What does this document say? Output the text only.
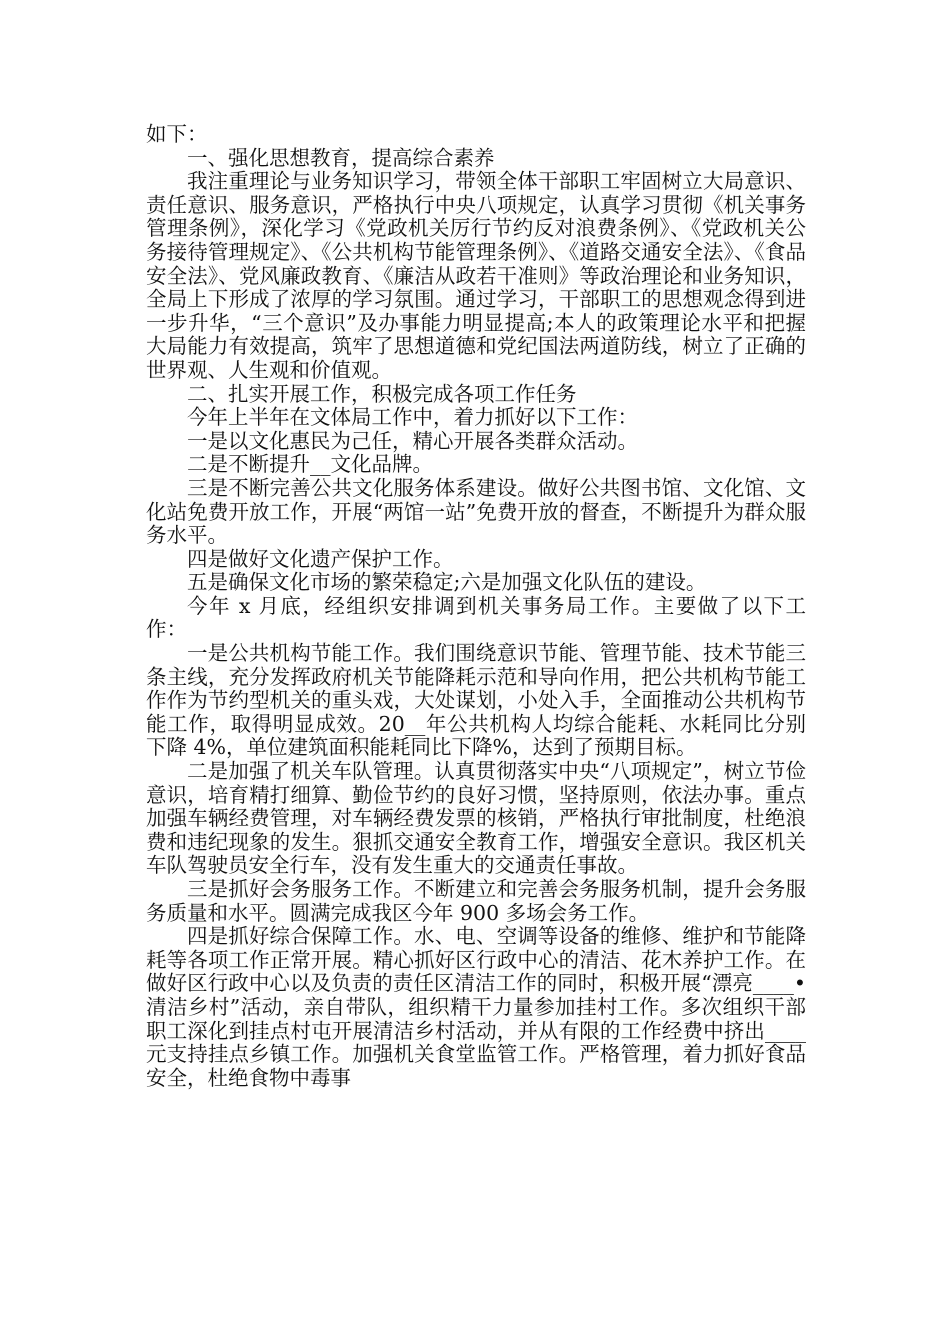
如下：

一、强化思想教育，提高综合素养

我注重理论与业务知识学习，带领全体干部职工牢固树立大局意识、责任意识、服务意识，严格执行中央八项规定，认真学习贯彻《机关事务管理条例》，深化学习《党政机关厉行节约反对浪费条例》、《党政机关公务接待管理规定》、《公共机构节能管理条例》、《道路交通安全法》、《食品安全法》、党风廉政教育、《廉洁从政若干准则》等政治理论和业务知识，全局上下形成了浓厚的学习氛围。通过学习，干部职工的思想观念得到进一步升华，“三个意识”及办事能力明显提高;本人的政策理论水平和把握大局能力有效提高，筑牢了思想道德和党纪国法两道防线，树立了正确的世界观、人生观和价值观。

二、扎实开展工作，积极完成各项工作任务

今年上半年在文体局工作中，着力抓好以下工作：

一是以文化惠民为己任，精心开展各类群众活动。

二是不断提升__文化品牌。

三是不断完善公共文化服务体系建设。做好公共图书馆、文化馆、文化站免费开放工作，开展“两馆一站”免费开放的督查，不断提升为群众服务水平。

四是做好文化遗产保护工作。

五是确保文化市场的繁荣稳定;六是加强文化队伍的建设。

今年 x 月底，经组织安排调到机关事务局工作。主要做了以下工作：

一是公共机构节能工作。我们围绕意识节能、管理节能、技术节能三条主线，充分发挥政府机关节能降耗示范和导向作用，把公共机构节能工作作为节约型机关的重头戏，大处谋划，小处入手，全面推动公共机构节能工作，取得明显成效。20__年公共机构人均综合能耗、水耗同比分别下降 4%，单位建筑面积能耗同比下降%，达到了预期目标。

二是加强了机关车队管理。认真贯彻落实中央“八项规定”，树立节俭意识，培育精打细算、勤俭节约的良好习惯，坚持原则，依法办事。重点加强车辆经费管理，对车辆经费发票的核销，严格执行审批制度，杜绝浪费和违纪现象的发生。狠抓交通安全教育工作，增强安全意识。我区机关车队驾驶员安全行车，没有发生重大的交通责任事故。

三是抓好会务服务工作。不断建立和完善会务服务机制，提升会务服务质量和水平。圆满完成我区今年 900 多场会务工作。

四是抓好综合保障工作。水、电、空调等设备的维修、维护和节能降耗等各项工作正常开展。精心抓好区行政中心的清洁、花木养护工作。在做好区行政中心以及负责的责任区清洁工作的同时，积极开展“漂亮____•清洁乡村”活动，亲自带队，组织精干力量参加挂村工作。多次组织干部职工深化到挂点村屯开展清洁乡村活动，并从有限的工作经费中挤出____元支持挂点乡镇工作。加强机关食堂监管工作。严格管理，着力抓好食品安全，杜绝食物中毒事
